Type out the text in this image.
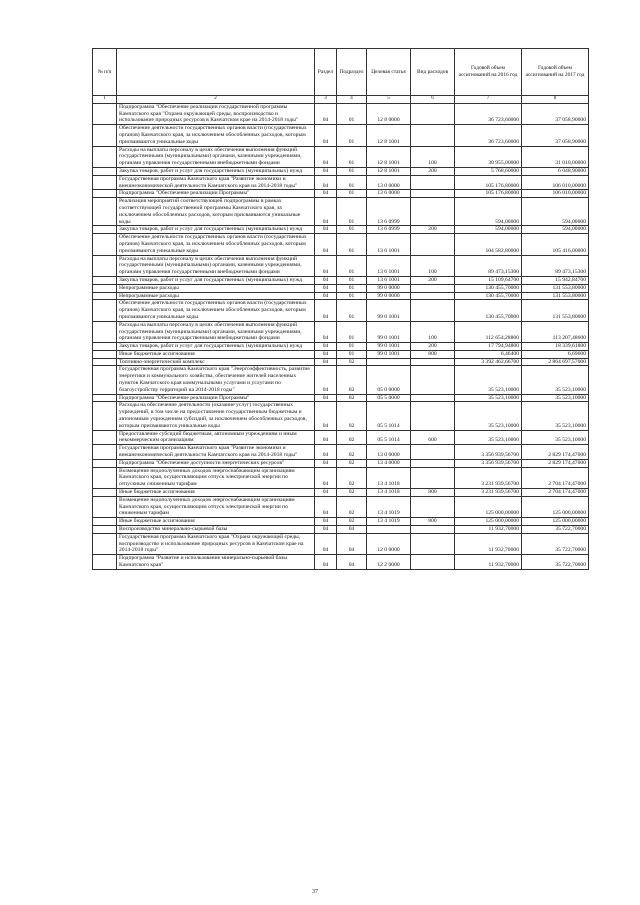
№ п/п		Раздел	Подраздел	Целевая статья	Вид расходов	Годовой объем ассигнований на 2016 год	Годовой объем ассигнований на 2017 год
1	2	3	4	5	6	7	8
	Подпрограмма "Обеспечение реализации государственной программы Камчатского края "Охрана окружающей среды, воспроизводство и использование природных ресурсов в Камчатском крае на 2014-2018 годы"	04	01	12 8 0000		36 723,60000	37 058,90000
	Обеспечение деятельности государственных органов власти (государственных органов) Камчатского края, за исключением обособленных расходов, которым присваиваются уникальные коды	04	01	12 8 1001		36 723,60000	37 058,90000
	Расходы на выплаты персоналу в целях обеспечения выполнения функций государственными (муниципальными) органами, казенными учреждениями, органами управления государственными внебюджетными фондами	04	01	12 8 1001	100	30 955,00000	31 010,00000
	Закупка товаров, работ и услуг для государственных (муниципальных) нужд	04	01	12 8 1001	200	5 768,60000	6 048,90000
	Государственная программа Камчатского края "Развитие экономики и внешнеэкономической деятельности Камчатского края на 2014-2018 годы"	04	01	13 0 0000		105 176,80000	106 010,00000
	Подпрограмма "Обеспечение реализации Программы"	04	01	13 6 0000		105 176,80000	106 010,00000
	Реализация мероприятий соответствующей подпрограммы в рамках соответствующей государственной программы Камчатского края, за исключением обособленных расходов, которым присваиваются уникальные коды	04	01	13 6 0999		594,00000	594,00000
	Закупка товаров, работ и услуг для государственных (муниципальных) нужд	04	01	13 6 0999	200	594,00000	594,00000
	Обеспечение деятельности государственных органов власти (государственных органов) Камчатского края, за исключением обособленных расходов, которым присваиваются уникальные коды	04	01	13 6 1001		104 582,80000	105 416,00000
	Расходы на выплаты персоналу в целях обеспечения выполнения функций государственными (муниципальными) органами, казенными учреждениями, органами управления государственными внебюджетными фондами	04	01	13 6 1001	100	89 473,15300	89 473,15300
	Закупка товаров, работ и услуг для государственных (муниципальных) нужд	04	01	13 6 1001	200	15 109,64700	15 942,84700
	Непрограммные расходы	04	01	99 0 0000		130 455,70000	131 553,80000
	Непрограммные расходы	04	01	99 0 0000		130 455,70000	131 553,80000
	Обеспечение деятельности государственных органов власти (государственных органов) Камчатского края, за исключением обособленных расходов, которым присваиваются уникальные коды	04	01	99 0 1001		130 455,70000	131 553,80000
	Расходы на выплаты персоналу в целях обеспечения выполнения функций государственными (муниципальными) органами, казенными учреждениями, органами управления государственными внебюджетными фондами	04	01	99 0 1001	100	112 654,28800	113 207,48600
	Закупка товаров, работ и услуг для государственных (муниципальных) нужд	04	01	99 0 1001	200	17 794,94800	18 339,61800
	Иные бюджетные ассигнования	04	01	99 0 1001	800	6,46400	6,69600
	Топливно-энергетический комплекс	04	02			3 392 462,66700	2 864 697,57000
	Государственная программа Камчатского края "Энергоэффективность, развитие энергетики и коммунального хозяйства, обеспечение жителей населенных пунктов Камчатского края коммунальными услугами и услугами по благоустройству территорий на 2014-2018 годы"	04	02	05 0 0000		35 523,10000	35 523,10000
	Подпрограмма "Обеспечение реализации Программы"	04	02	05 5 0000		35 523,10000	35 523,10000
	Расходы на обеспечение деятельности (оказание услуг) государственных учреждений, в том числе на предоставление государственным бюджетным и автономным учреждениям субсидий, за исключением обособленных расходов, которым присваиваются уникальные коды	04	02	05 5 1014		35 523,10000	35 523,10000
	Предоставление субсидий бюджетным, автономным учреждениям и иным некоммерческим организациям	04	02	05 5 1014	600	35 523,10000	35 523,10000
	Государственная программа Камчатского края "Развитие экономики и внешнеэкономической деятельности Камчатского края на 2014-2018 годы"	04	02	13 0 0000		3 356 939,56700	2 829 174,47000
	Подпрограмма "Обеспечение доступности энергетических ресурсов"	04	02	13 4 0000		3 356 939,56700	2 829 174,47000
	Возмещение недополученных доходов энергоснабжающим организациям Камчатского края, осуществляющим отпуск электрической энергии по отпускным сниженным тарифам	04	02	13 4 1018		3 231 939,56700	2 704 174,47000
	Иные бюджетные ассигнования	04	02	13 4 1018	800	3 231 939,56700	2 704 174,47000
	Возмещение недополученных доходов энергоснабжающим организациям Камчатского края, осуществляющим отпуск электрической энергии по сниженным тарифам	04	02	13 4 1019		125 000,00000	125 000,00000
	Иные бюджетные ассигнования	04	02	13 4 1019	800	125 000,00000	125 000,00000
	Воспроизводство минерально-сырьевой базы	04	04			11 932,70000	35 722,70000
	Государственная программа Камчатского края "Охрана окружающей среды, воспроизводство и использование природных ресурсов в Камчатском крае на 2014-2018 годы"	04	04	12 0 0000		11 932,70000	35 722,70000
	Подпрограмма "Развитие и использование минерально-сырьевой базы Камчатского края"	04	04	12 2 0000		11 932,70000	35 722,70000
37
